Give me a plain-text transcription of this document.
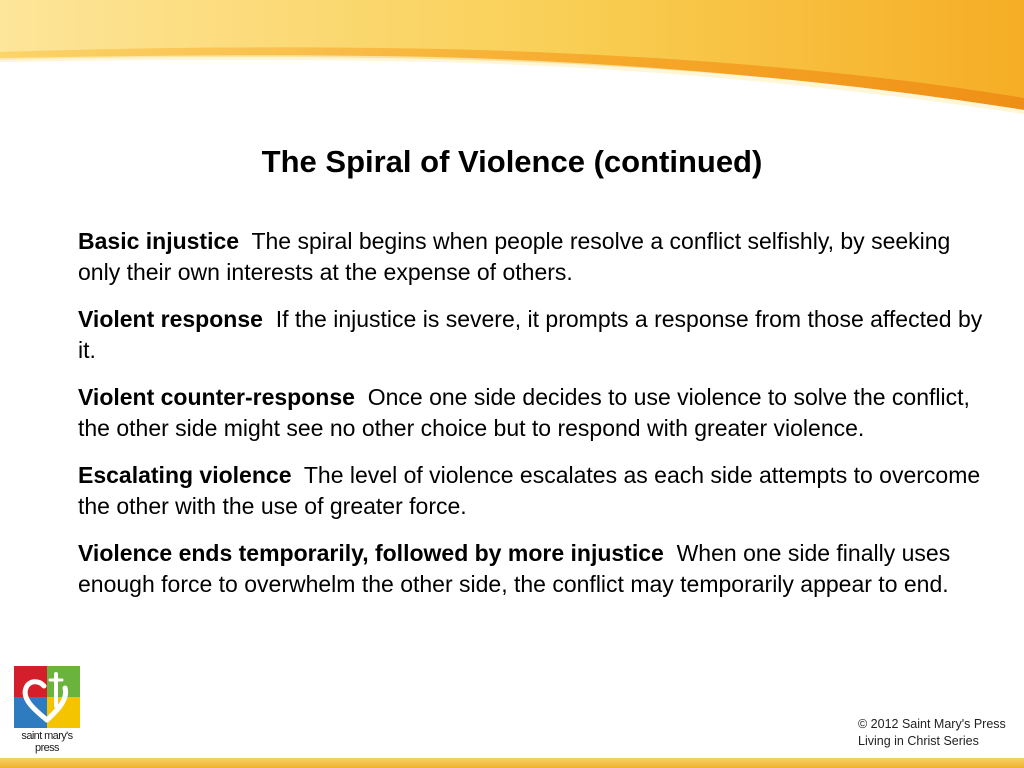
The Spiral of Violence (continued)

Basic injustice The spiral begins when people resolve a conflict selfishly, by seeking only their own interests at the expense of others.

Violent response If the injustice is severe, it prompts a response from those affected by it.

Violent counter-response Once one side decides to use violence to solve the conflict, the other side might see no other choice but to respond with greater violence.

Escalating violence The level of violence escalates as each side attempts to overcome the other with the use of greater force.

Violence ends temporarily, followed by more injustice When one side finally uses enough force to overwhelm the other side, the conflict may temporarily appear to end.

saint mary's press
© 2012 Saint Mary's Press
Living in Christ Series
